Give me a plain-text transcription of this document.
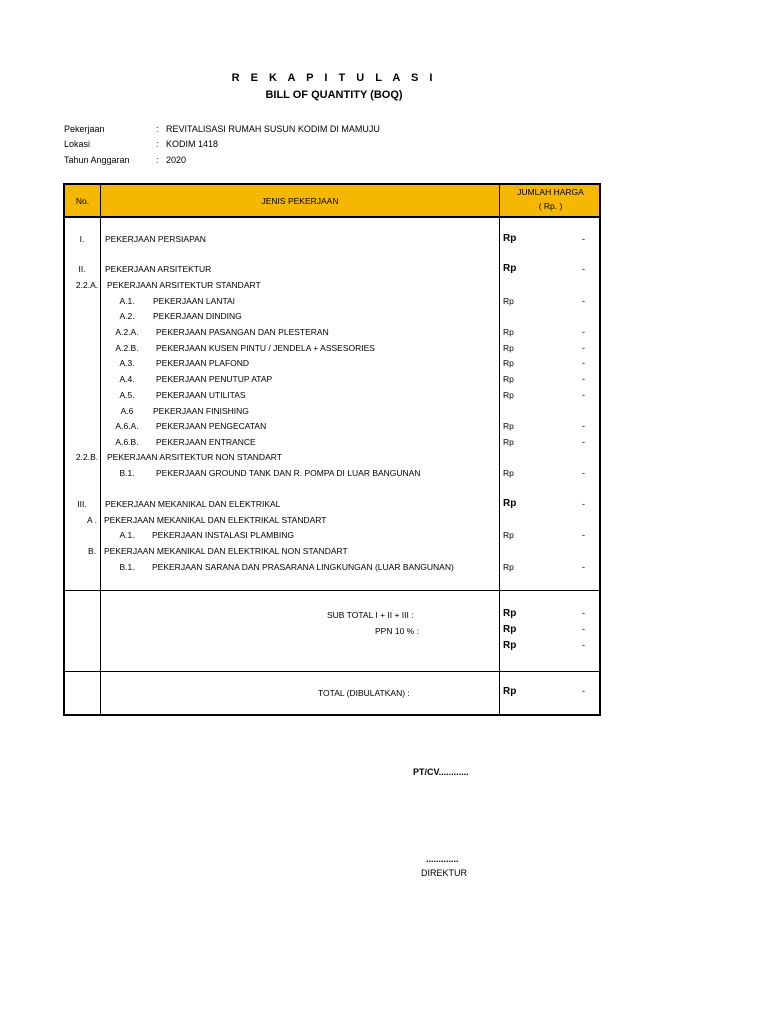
R E K A P I T U L A S I
BILL OF QUANTITY (BOQ)
Pekerjaan	: REVITALISASI RUMAH SUSUN KODIM DI MAMUJU
Lokasi	: KODIM 1418
Tahun Anggaran	: 2020
No.	JENIS PEKERJAAN
JUMLAH HARGA
( Rp. )
I.	PEKERJAAN PERSIAPAN	Rp	-
II.	PEKERJAAN ARSITEKTUR	Rp	-
2.2.A.	PEKERJAAN ARSITEKTUR STANDART
A.1.	PEKERJAAN LANTAI	Rp	-
A.2.	PEKERJAAN DINDING
A.2.A.	PEKERJAAN PASANGAN DAN PLESTERAN	Rp	-
A.2.B.	PEKERJAAN KUSEN PINTU / JENDELA + ASSESORIES	Rp	-
A.3.	PEKERJAAN PLAFOND	Rp	-
A.4.	PEKERJAAN PENUTUP ATAP	Rp	-
A.5.	PEKERJAAN UTILITAS	Rp	-
A.6	PEKERJAAN FINISHING
A.6.A.	PEKERJAAN PENGECATAN	Rp	-
A.6.B.	PEKERJAAN ENTRANCE	Rp	-
2.2.B.	PEKERJAAN ARSITEKTUR NON STANDART
B.1.	PEKERJAAN GROUND TANK DAN R. POMPA DI LUAR BANGUNAN	Rp	-
III.	PEKERJAAN MEKANIKAL DAN ELEKTRIKAL	Rp	-
A . PEKERJAAN MEKANIKAL DAN ELEKTRIKAL STANDART
A.1.	PEKERJAAN INSTALASI PLAMBING	Rp	-
B. PEKERJAAN MEKANIKAL DAN ELEKTRIKAL NON STANDART
B.1.	PEKERJAAN SARANA DAN PRASARANA LINGKUNGAN (LUAR BANGUNAN)	Rp	-
SUB TOTAL I + II + III :	Rp	-
PPN 10 % :	Rp	-
Rp	-
TOTAL (DIBULATKAN) :	Rp	-
PT/CV............
.............
DIREKTUR
